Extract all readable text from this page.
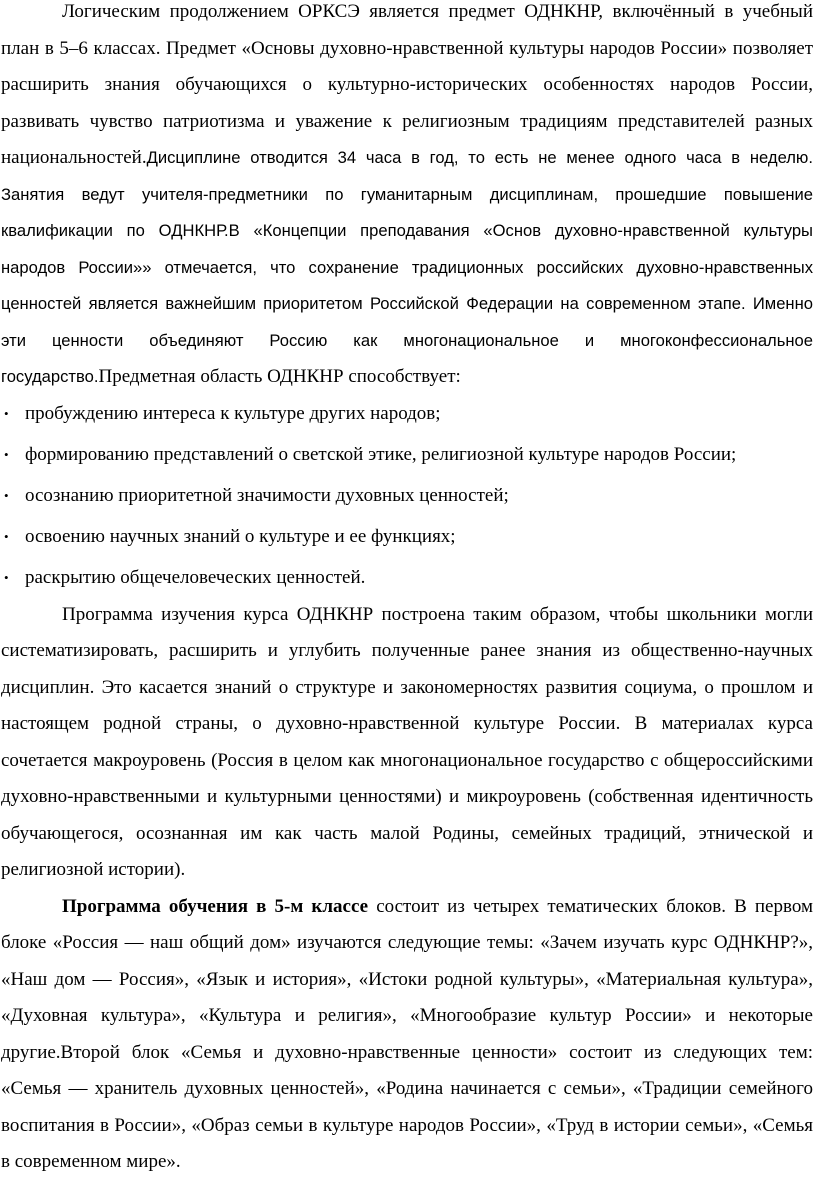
Логическим продолжением ОРКСЭ является предмет ОДНКНР, включённый в учебный план в 5–6 классах. Предмет «Основы духовно-нравственной культуры народов России» позволяет расширить знания обучающихся о культурно-исторических особенностях народов России, развивать чувство патриотизма и уважение к религиозным традициям представителей разных национальностей.Дисциплине отводится 34 часа в год, то есть не менее одного часа в неделю. Занятия ведут учителя-предметники по гуманитарным дисциплинам, прошедшие повышение квалификации по ОДНКНР.В «Концепции преподавания «Основ духовно-нравственной культуры народов России»» отмечается, что сохранение традиционных российских духовно-нравственных ценностей является важнейшим приоритетом Российской Федерации на современном этапе. Именно эти ценности объединяют Россию как многонациональное и многоконфессиональное государство.Предметная область ОДНКНР способствует:

• пробуждению интереса к культуре других народов;
• формированию представлений о светской этике, религиозной культуре народов России;
• осознанию приоритетной значимости духовных ценностей;
• освоению научных знаний о культуре и ее функциях;
• раскрытию общечеловеческих ценностей.

Программа изучения курса ОДНКНР построена таким образом, чтобы школьники могли систематизировать, расширить и углубить полученные ранее знания из общественно-научных дисциплин. Это касается знаний о структуре и закономерностях развития социума, о прошлом и настоящем родной страны, о духовно-нравственной культуре России. В материалах курса сочетается макроуровень (Россия в целом как многонациональное государство с общероссийскими духовно-нравственными и культурными ценностями) и микроуровень (собственная идентичность обучающегося, осознанная им как часть малой Родины, семейных традиций, этнической и религиозной истории).

Программа обучения в 5-м классе состоит из четырех тематических блоков. В первом блоке «Россия — наш общий дом» изучаются следующие темы: «Зачем изучать курс ОДНКНР?», «Наш дом — Россия», «Язык и история», «Истоки родной культуры», «Материальная культура», «Духовная культура», «Культура и религия», «Многообразие культур России» и некоторые другие.Второй блок «Семья и духовно-нравственные ценности» состоит из следующих тем: «Семья — хранитель духовных ценностей», «Родина начинается с семьи», «Традиции семейного воспитания в России», «Образ семьи в культуре народов России», «Труд в истории семьи», «Семья в современном мире».
